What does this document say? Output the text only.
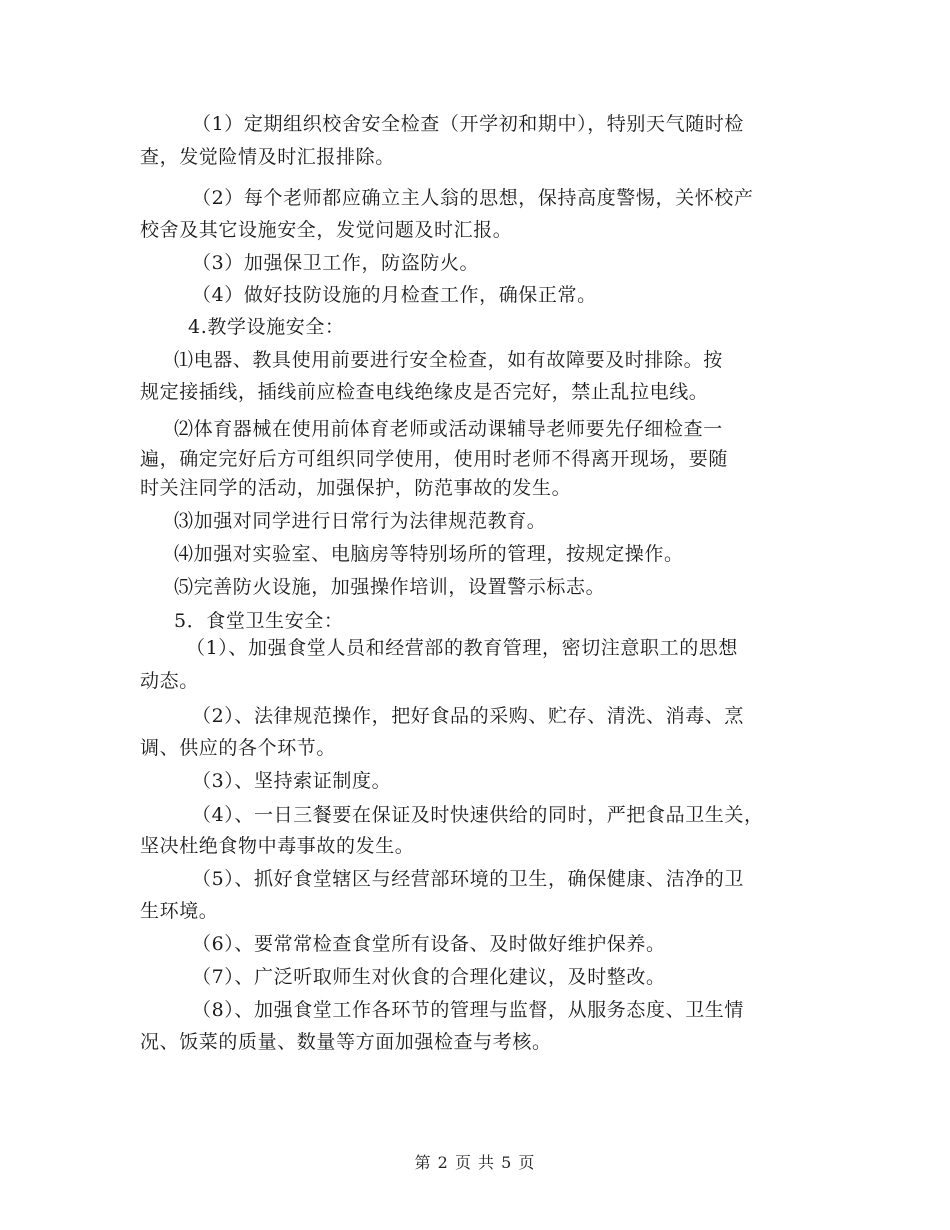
（1）定期组织校舍安全检查（开学初和期中），特别天气随时检
查，发觉险情及时汇报排除。
（2）每个老师都应确立主人翁的思想，保持高度警惕，关怀校产
校舍及其它设施安全，发觉问题及时汇报。
（3）加强保卫工作，防盗防火。
（4）做好技防设施的月检查工作，确保正常。
4.教学设施安全：
⑴电器、教具使用前要进行安全检查，如有故障要及时排除。按
规定接插线，插线前应检查电线绝缘皮是否完好，禁止乱拉电线。
⑵体育器械在使用前体育老师或活动课辅导老师要先仔细检查一
遍，确定完好后方可组织同学使用，使用时老师不得离开现场，要随
时关注同学的活动，加强保护，防范事故的发生。
⑶加强对同学进行日常行为法律规范教育。
⑷加强对实验室、电脑房等特别场所的管理，按规定操作。
⑸完善防火设施，加强操作培训，设置警示标志。
5．食堂卫生安全：
（1）、加强食堂人员和经营部的教育管理，密切注意职工的思想
动态。
（2）、法律规范操作，把好食品的采购、贮存、清洗、消毒、烹
调、供应的各个环节。
（3）、坚持索证制度。
（4）、一日三餐要在保证及时快速供给的同时，严把食品卫生关，
坚决杜绝食物中毒事故的发生。
（5）、抓好食堂辖区与经营部环境的卫生，确保健康、洁净的卫
生环境。
（6）、要常常检查食堂所有设备、及时做好维护保养。
（7）、广泛听取师生对伙食的合理化建议，及时整改。
（8）、加强食堂工作各环节的管理与监督，从服务态度、卫生情
况、饭菜的质量、数量等方面加强检查与考核。
第 2 页 共 5 页
